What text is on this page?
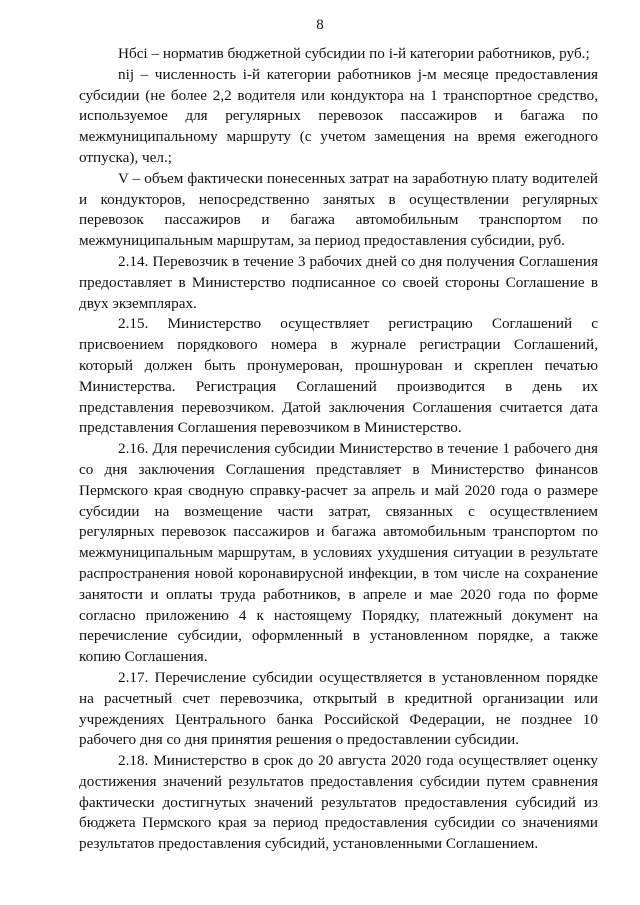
8

Нбсi – норматив бюджетной субсидии по i-й категории работников, руб.;

nij – численность i-й категории работников j-м месяце предоставления субсидии (не более 2,2 водителя или кондуктора на 1 транспортное средство, используемое для регулярных перевозок пассажиров и багажа по межмуниципальному маршруту (с учетом замещения на время ежегодного отпуска), чел.;

V – объем фактически понесенных затрат на заработную плату водителей и кондукторов, непосредственно занятых в осуществлении регулярных перевозок пассажиров и багажа автомобильным транспортом по межмуниципальным маршрутам, за период предоставления субсидии, руб.

2.14. Перевозчик в течение 3 рабочих дней со дня получения Соглашения предоставляет в Министерство подписанное со своей стороны Соглашение в двух экземплярах.

2.15. Министерство осуществляет регистрацию Соглашений с присвоением порядкового номера в журнале регистрации Соглашений, который должен быть пронумерован, прошнурован и скреплен печатью Министерства. Регистрация Соглашений производится в день их представления перевозчиком. Датой заключения Соглашения считается дата представления Соглашения перевозчиком в Министерство.

2.16. Для перечисления субсидии Министерство в течение 1 рабочего дня со дня заключения Соглашения представляет в Министерство финансов Пермского края сводную справку-расчет за апрель и май 2020 года о размере субсидии на возмещение части затрат, связанных с осуществлением регулярных перевозок пассажиров и багажа автомобильным транспортом по межмуниципальным маршрутам, в условиях ухудшения ситуации в результате распространения новой коронавирусной инфекции, в том числе на сохранение занятости и оплаты труда работников, в апреле и мае 2020 года по форме согласно приложению 4 к настоящему Порядку, платежный документ на перечисление субсидии, оформленный в установленном порядке, а также копию Соглашения.

2.17. Перечисление субсидии осуществляется в установленном порядке на расчетный счет перевозчика, открытый в кредитной организации или учреждениях Центрального банка Российской Федерации, не позднее 10 рабочего дня со дня принятия решения о предоставлении субсидии.

2.18. Министерство в срок до 20 августа 2020 года осуществляет оценку достижения значений результатов предоставления субсидии путем сравнения фактически достигнутых значений результатов предоставления субсидий из бюджета Пермского края за период предоставления субсидии со значениями результатов предоставления субсидий, установленными Соглашением.
